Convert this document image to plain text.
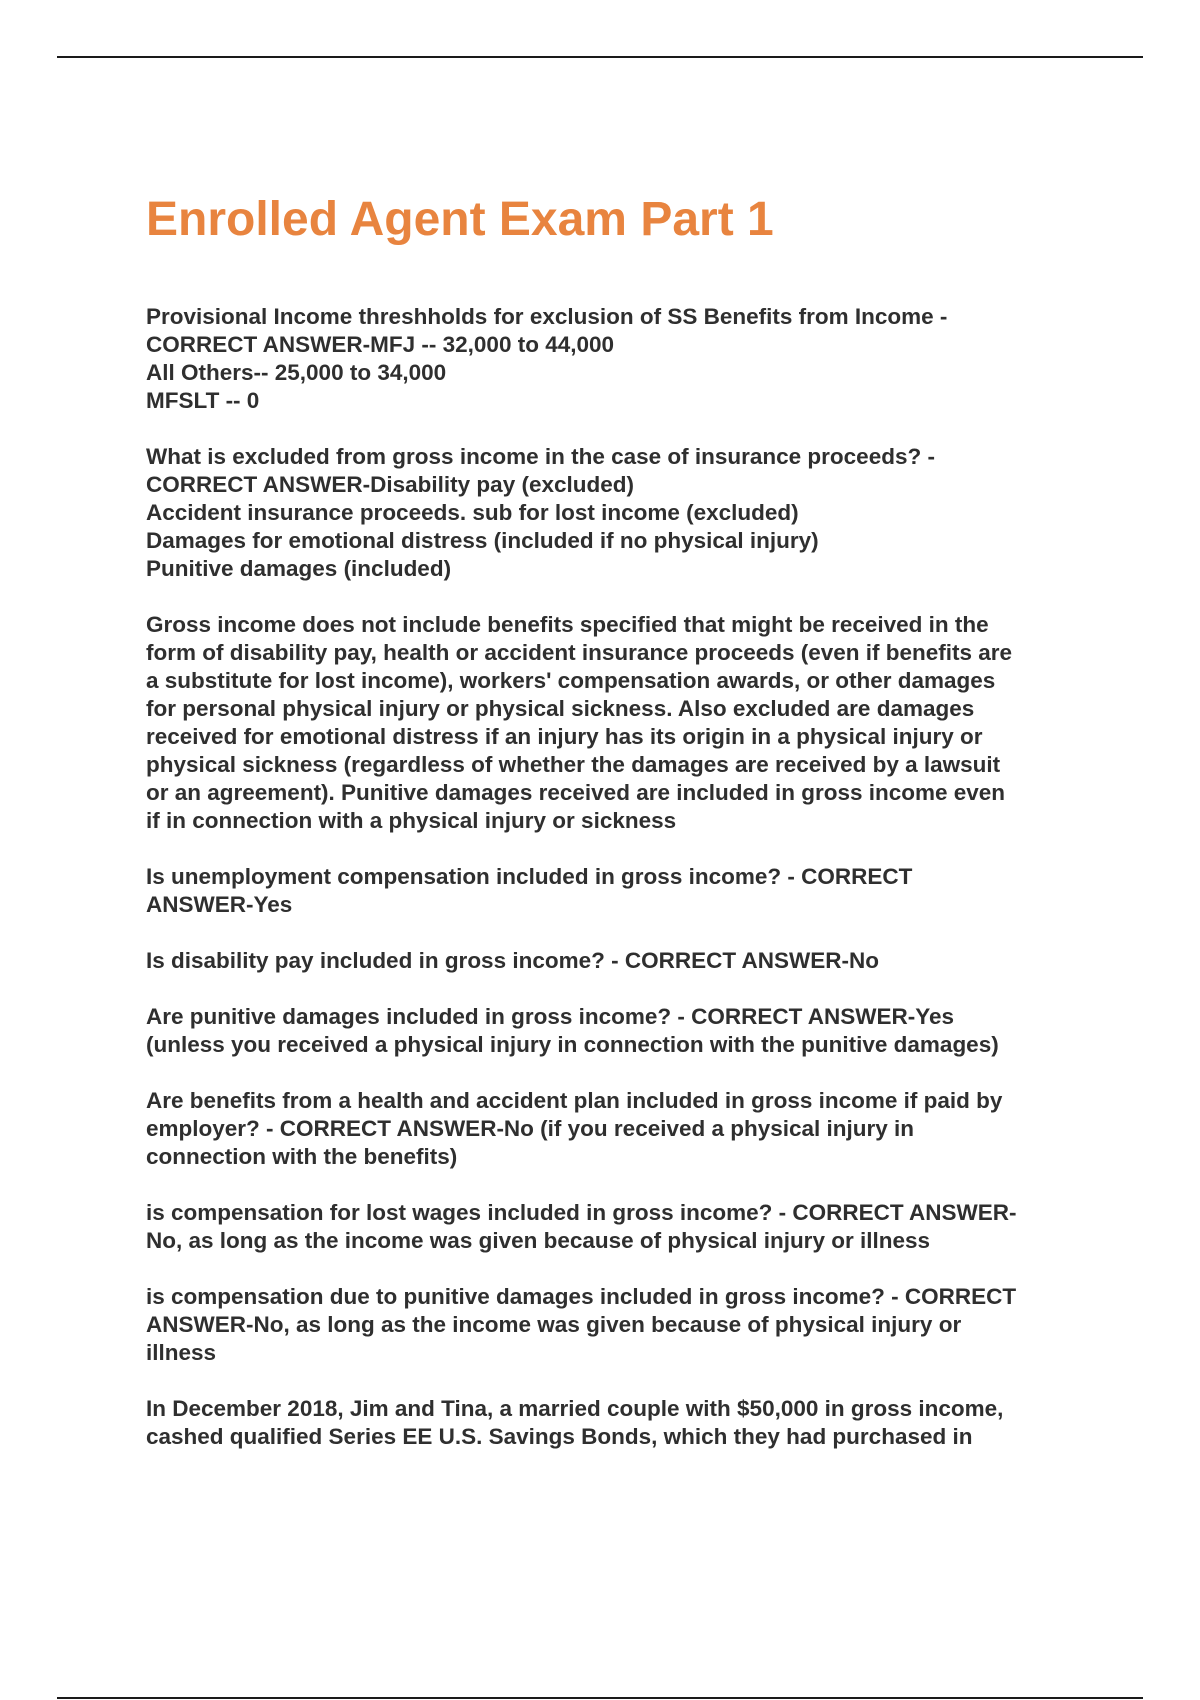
Enrolled Agent Exam Part 1

Provisional Income threshholds for exclusion of SS Benefits from Income -
CORRECT ANSWER-MFJ -- 32,000 to 44,000
All Others-- 25,000 to 34,000
MFSLT -- 0

What is excluded from gross income in the case of insurance proceeds? -
CORRECT ANSWER-Disability pay (excluded)
Accident insurance proceeds. sub for lost income (excluded)
Damages for emotional distress (included if no physical injury)
Punitive damages (included)

Gross income does not include benefits specified that might be received in the
form of disability pay, health or accident insurance proceeds (even if benefits are
a substitute for lost income), workers' compensation awards, or other damages
for personal physical injury or physical sickness. Also excluded are damages
received for emotional distress if an injury has its origin in a physical injury or
physical sickness (regardless of whether the damages are received by a lawsuit
or an agreement). Punitive damages received are included in gross income even
if in connection with a physical injury or sickness

Is unemployment compensation included in gross income? - CORRECT
ANSWER-Yes

Is disability pay included in gross income? - CORRECT ANSWER-No

Are punitive damages included in gross income? - CORRECT ANSWER-Yes
(unless you received a physical injury in connection with the punitive damages)

Are benefits from a health and accident plan included in gross income if paid by
employer? - CORRECT ANSWER-No (if you received a physical injury in
connection with the benefits)

is compensation for lost wages included in gross income? - CORRECT ANSWER-
No, as long as the income was given because of physical injury or illness

is compensation due to punitive damages included in gross income? - CORRECT
ANSWER-No, as long as the income was given because of physical injury or
illness

In December 2018, Jim and Tina, a married couple with $50,000 in gross income,
cashed qualified Series EE U.S. Savings Bonds, which they had purchased in
